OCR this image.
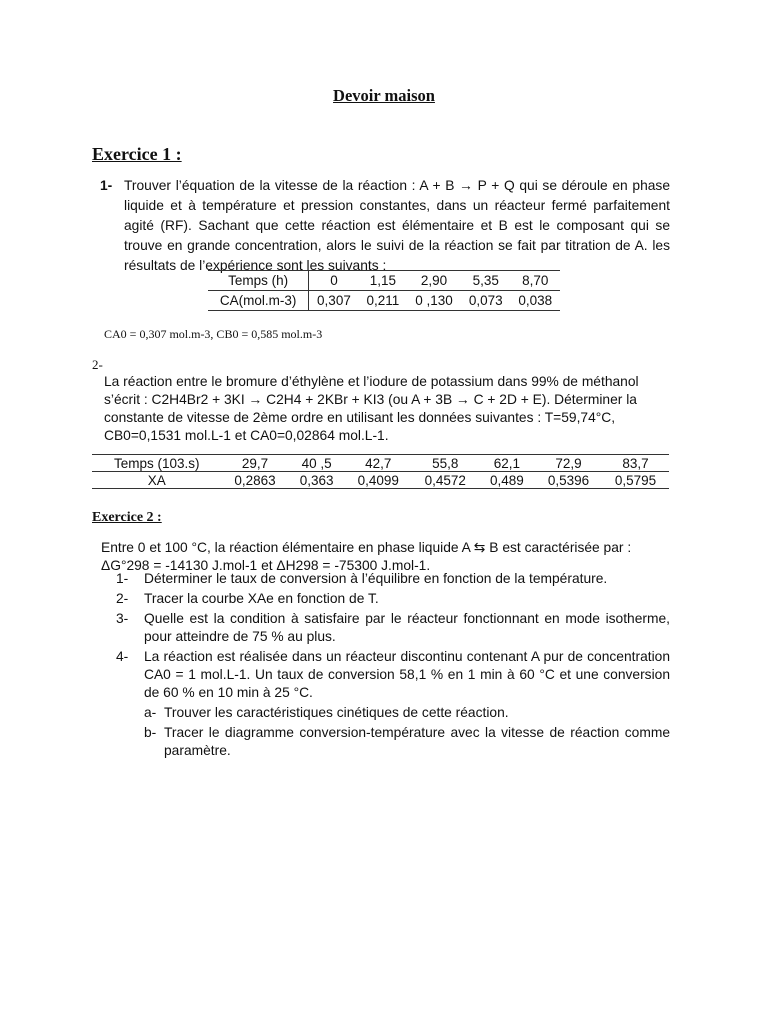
Devoir maison
Exercice 1 :
1- Trouver l’équation de la vitesse de la réaction : A + B → P + Q qui se déroule en phase liquide et à température et pression constantes, dans un réacteur fermé parfaitement agité (RF). Sachant que cette réaction est élémentaire et B est le composant qui se trouve en grande concentration, alors le suivi de la réaction se fait par titration de A. les résultats de l’expérience sont les suivants :
Temps (h)	0	1,15	2,90	5,35	8,70
CA(mol.m-3)	0,307	0,211	0 ,130	0,073	0,038
CA0 = 0,307 mol.m-3, CB0 = 0,585 mol.m-3
2-
La réaction entre le bromure d’éthylène et l’iodure de potassium dans 99% de méthanol
s’écrit : C2H4Br2 + 3KI → C2H4 + 2KBr + KI3 (ou A + 3B → C + 2D + E). Déterminer la
constante de vitesse de 2ème ordre en utilisant les données suivantes : T=59,74°C,
CB0=0,1531 mol.L-1 et CA0=0,02864 mol.L-1.
Temps (103.s)	29,7	40 ,5	42,7	55,8	62,1	72,9	83,7
XA	0,2863	0,363	0,4099	0,4572	0,489	0,5396	0,5795
Exercice 2 :
Entre 0 et 100 °C, la réaction élémentaire en phase liquide A ⇆ B est caractérisée par :
ΔG°298 = -14130 J.mol-1 et ΔH298 = -75300 J.mol-1.
1- Déterminer le taux de conversion à l’équilibre en fonction de la température.
2- Tracer la courbe XAe en fonction de T.
3- Quelle est la condition à satisfaire par le réacteur fonctionnant en mode isotherme, pour atteindre de 75 % au plus.
4- La réaction est réalisée dans un réacteur discontinu contenant A pur de concentration CA0 = 1 mol.L-1. Un taux de conversion 58,1 % en 1 min à 60 °C et une conversion de 60 % en 10 min à 25 °C.
a- Trouver les caractéristiques cinétiques de cette réaction.
b- Tracer le diagramme conversion-température avec la vitesse de réaction comme paramètre.
